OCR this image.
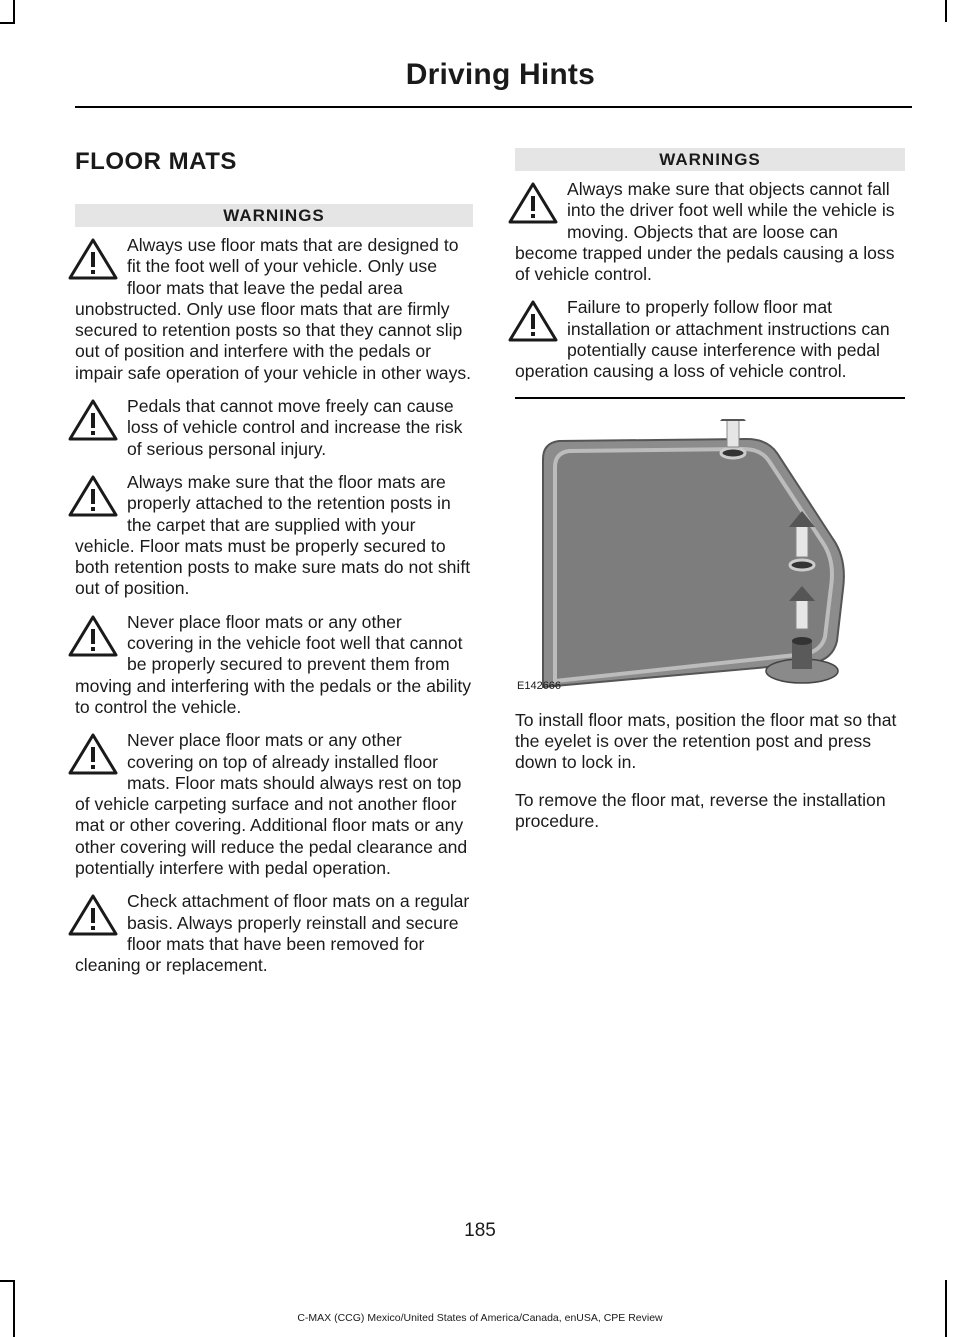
Driving Hints
FLOOR MATS
WARNINGS
Always use floor mats that are designed to fit the foot well of your vehicle. Only use floor mats that leave the pedal area unobstructed. Only use floor mats that are firmly secured to retention posts so that they cannot slip out of position and interfere with the pedals or impair safe operation of your vehicle in other ways.
Pedals that cannot move freely can cause loss of vehicle control and increase the risk of serious personal injury.
Always make sure that the floor mats are properly attached to the retention posts in the carpet that are supplied with your vehicle. Floor mats must be properly secured to both retention posts to make sure mats do not shift out of position.
Never place floor mats or any other covering in the vehicle foot well that cannot be properly secured to prevent them from moving and interfering with the pedals or the ability to control the vehicle.
Never place floor mats or any other covering on top of already installed floor mats. Floor mats should always rest on top of vehicle carpeting surface and not another floor mat or other covering. Additional floor mats or any other covering will reduce the pedal clearance and potentially interfere with pedal operation.
Check attachment of floor mats on a regular basis. Always properly reinstall and secure floor mats that have been removed for cleaning or replacement.
WARNINGS
Always make sure that objects cannot fall into the driver foot well while the vehicle is moving. Objects that are loose can become trapped under the pedals causing a loss of vehicle control.
Failure to properly follow floor mat installation or attachment instructions can potentially cause interference with pedal operation causing a loss of vehicle control.
E142666

To install floor mats, position the floor mat so that the eyelet is over the retention post and press down to lock in.

To remove the floor mat, reverse the installation procedure.

185
C-MAX (CCG) Mexico/United States of America/Canada, enUSA, CPE Review
